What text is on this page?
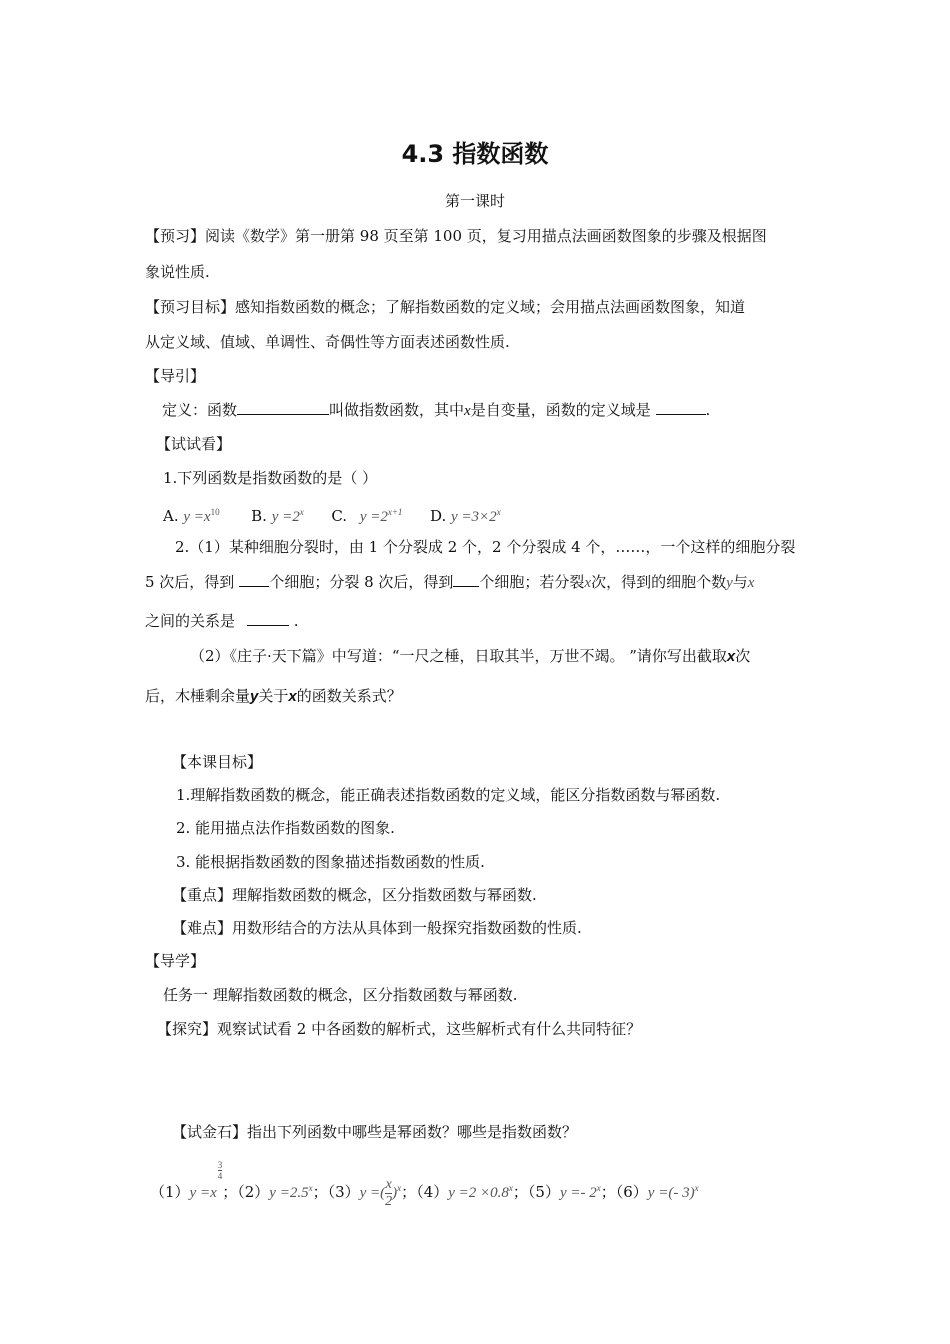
4.3 指数函数
第一课时
【预习】阅读《数学》第一册第 98 页至第 100 页，复习用描点法画函数图象的步骤及根据图
象说性质.
【预习目标】感知指数函数的概念；了解指数函数的定义域；会用描点法画函数图象，知道
从定义域、值域、单调性、奇偶性等方面表述函数性质.
【导引】
定义：函数	叫做指数函数，其中x是自变量，函数的定义域是	.
【试试看】
1.下列函数是指数函数的是（ ）
A. $y =x^{10}$ B. $y =2^x$ C. $y =2^{x+1}$ D. $y =3\times 2^x$
2.（1）某种细胞分裂时，由 1 个分裂成 2 个，2 个分裂成 4 个，……，一个这样的细胞分裂
5 次后，得到 个细胞；分裂 8 次后，得到 个细胞；若分裂x次，得到的细胞个数y与x
之间的关系是	.
（2）《庄子·天下篇》中写道：“一尺之棰，日取其半，万世不竭。 ”请你写出截取x次
后，木棰剩余量y关于x的函数关系式？
【本课目标】
1.理解指数函数的概念，能正确表述指数函数的定义域，能区分指数函数与幂函数.
2. 能用描点法作指数函数的图象.
3. 能根据指数函数的图象描述指数函数的性质.
【重点】理解指数函数的概念，区分指数函数与幂函数.
【难点】用数形结合的方法从具体到一般探究指数函数的性质.
【导学】
任务一 理解指数函数的概念，区分指数函数与幂函数.
【探究】观察试试看 2 中各函数的解析式，这些解析式有什么共同特征？
【试金石】指出下列函数中哪些是幂函数？哪些是指数函数？
（1）y =x
$\frac{3}{4}$
；$(2)y =2.5^x$；（3）y =( $\frac{x}{2} )^x$；$(4)y =2 \times 0.8^x$；（5）y =- 2$^x$；（6）y =(- 3)$^x$
